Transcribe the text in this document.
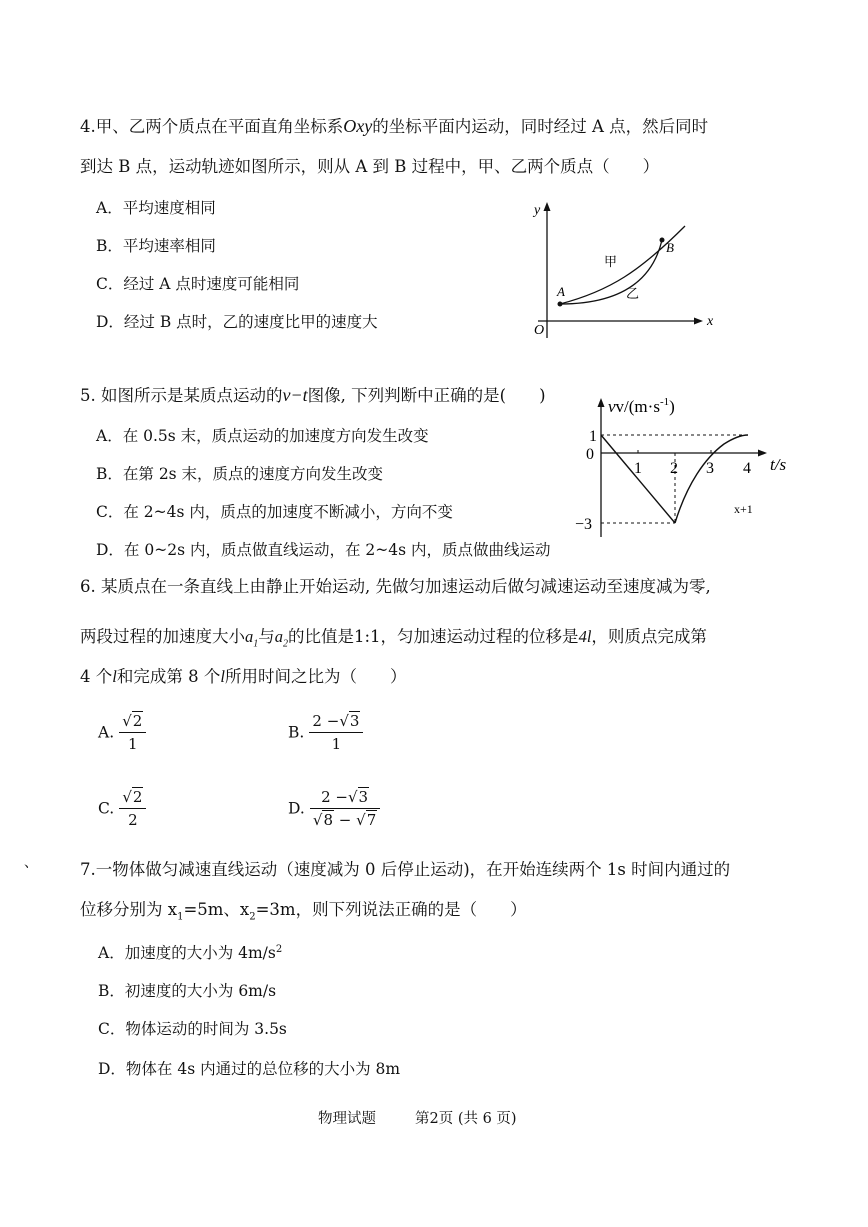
4.甲、乙两个质点在平面直角坐标系Oxy的坐标平面内运动，同时经过 A 点，然后同时
到达 B 点，运动轨迹如图所示，则从 A 到 B 过程中，甲、乙两个质点（　　）
A．平均速度相同
B．平均速率相同
C．经过 A 点时速度可能相同
D．经过 B 点时，乙的速度比甲的速度大
y
x
O
A
B
甲
乙
5. 如图所示是某质点运动的v−t图像, 下列判断中正确的是(　　)
A．在 0.5s 末，质点运动的加速度方向发生改变
B．在第 2s 末，质点的速度方向发生改变
C．在 2~4s 内，质点的加速度不断减小，方向不变
D．在 0~2s 内，质点做直线运动，在 2~4s 内，质点做曲线运动
$vv/(m\cdot s^{-1})$
t/s
0
1
−3
1 2 3 4
x+1
6. 某质点在一条直线上由静止开始运动, 先做匀加速运动后做匀减速运动至速度减为零,
两段过程的加速度大小$a_1$与$a_2$的比值是1:1，匀加速运动过程的位移是4l，则质点完成第
4 个l和完成第 8 个l所用时间之比为（　　）
A. $\frac{√2}{1}$	B. $\frac{2 -√3}{1}$
C. $\frac{√2}{2}$	D. $\frac{2 -√3}{√8 - √7}$
、	7.一物体做匀减速直线运动（速度减为 0 后停止运动)，在开始连续两个 1s 时间内通过的
位移分别为 $x_1=5m$、$x_2=3m$，则下列说法正确的是（　　）
A．加速度的大小为 $4m/s^2$
B．初速度的大小为 6m/s
C．物体运动的时间为 3.5s
D．物体在 4s 内通过的总位移的大小为 8m
物理试题	第2页 (共 6 页)
